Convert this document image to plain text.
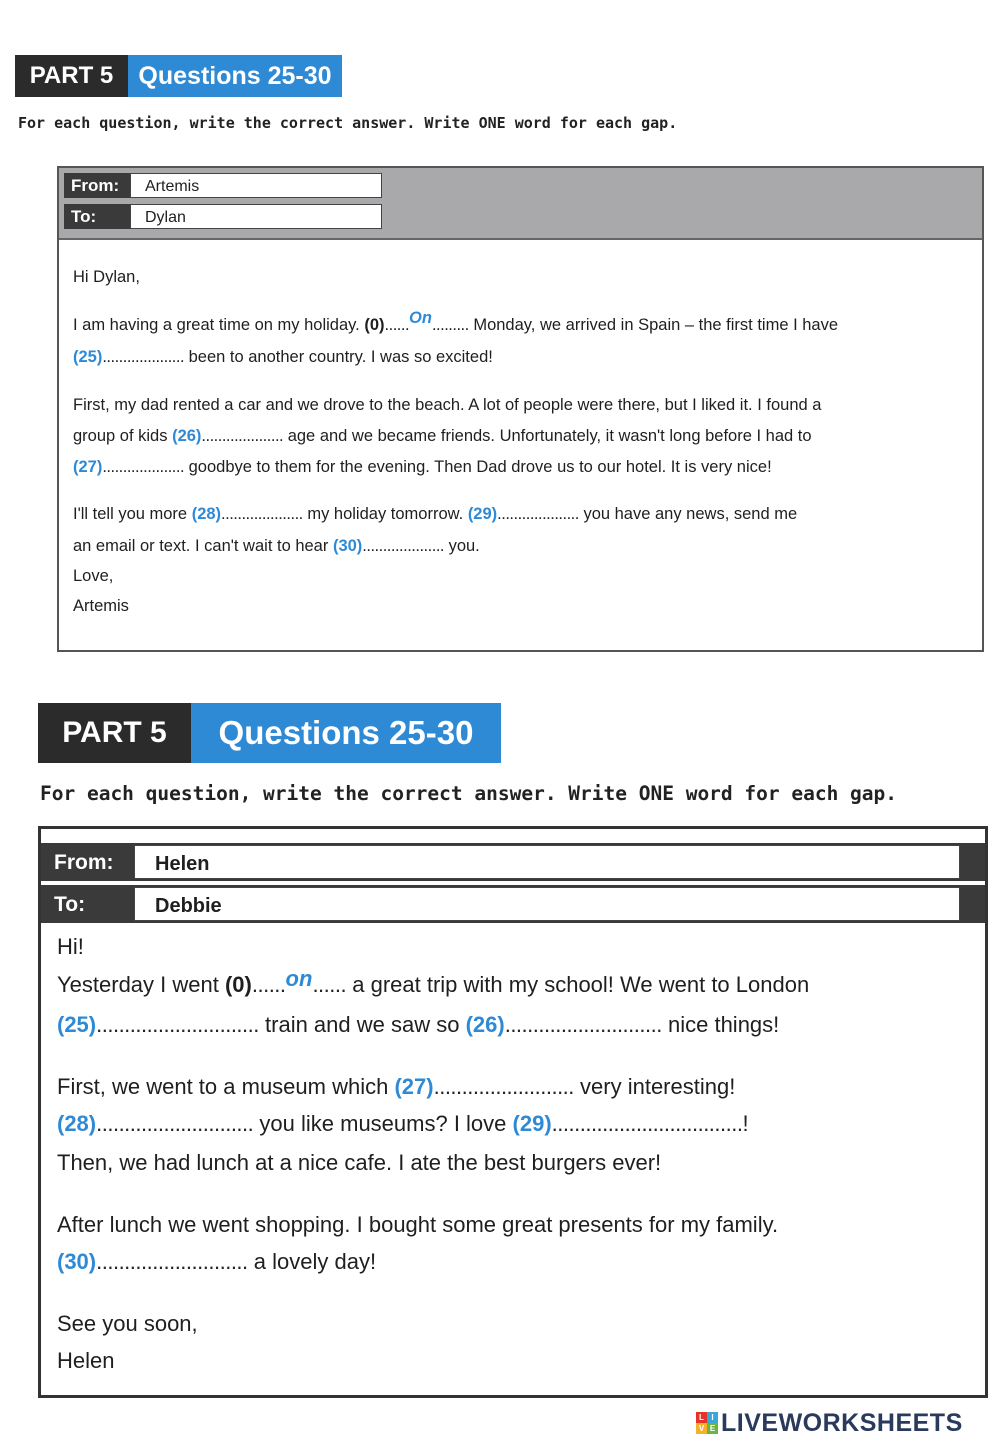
PART 5	Questions 25-30
For each question, write the correct answer. Write ONE word for each gap.
From:	Artemis
To:	Dylan
Hi Dylan,
I am having a great time on my holiday. (0)......On......... Monday, we arrived in Spain – the first time I have
(25).................... been to another country. I was so excited!
First, my dad rented a car and we drove to the beach. A lot of people were there, but I liked it. I found a
group of kids (26).................... age and we became friends. Unfortunately, it wasn't long before I had to
(27).................... goodbye to them for the evening. Then Dad drove us to our hotel. It is very nice!
I'll tell you more (28).................... my holiday tomorrow. (29).................... you have any news, send me
an email or text. I can't wait to hear (30).................... you.
Love,
Artemis
PART 5	Questions 25-30
For each question, write the correct answer. Write ONE word for each gap.
From:	Helen
To:	Debbie
Hi!
Yesterday I went (0)......on...... a great trip with my school! We went to London
(25)............................. train and we saw so (26)............................ nice things!
First, we went to a museum which (27)......................... very interesting!
(28)............................ you like museums? I love (29)..................................!
Then, we had lunch at a nice cafe. I ate the best burgers ever!
After lunch we went shopping. I bought some great presents for my family.
(30)........................... a lovely day!
See you soon,
Helen
L I
V E LIVEWORKSHEETS
